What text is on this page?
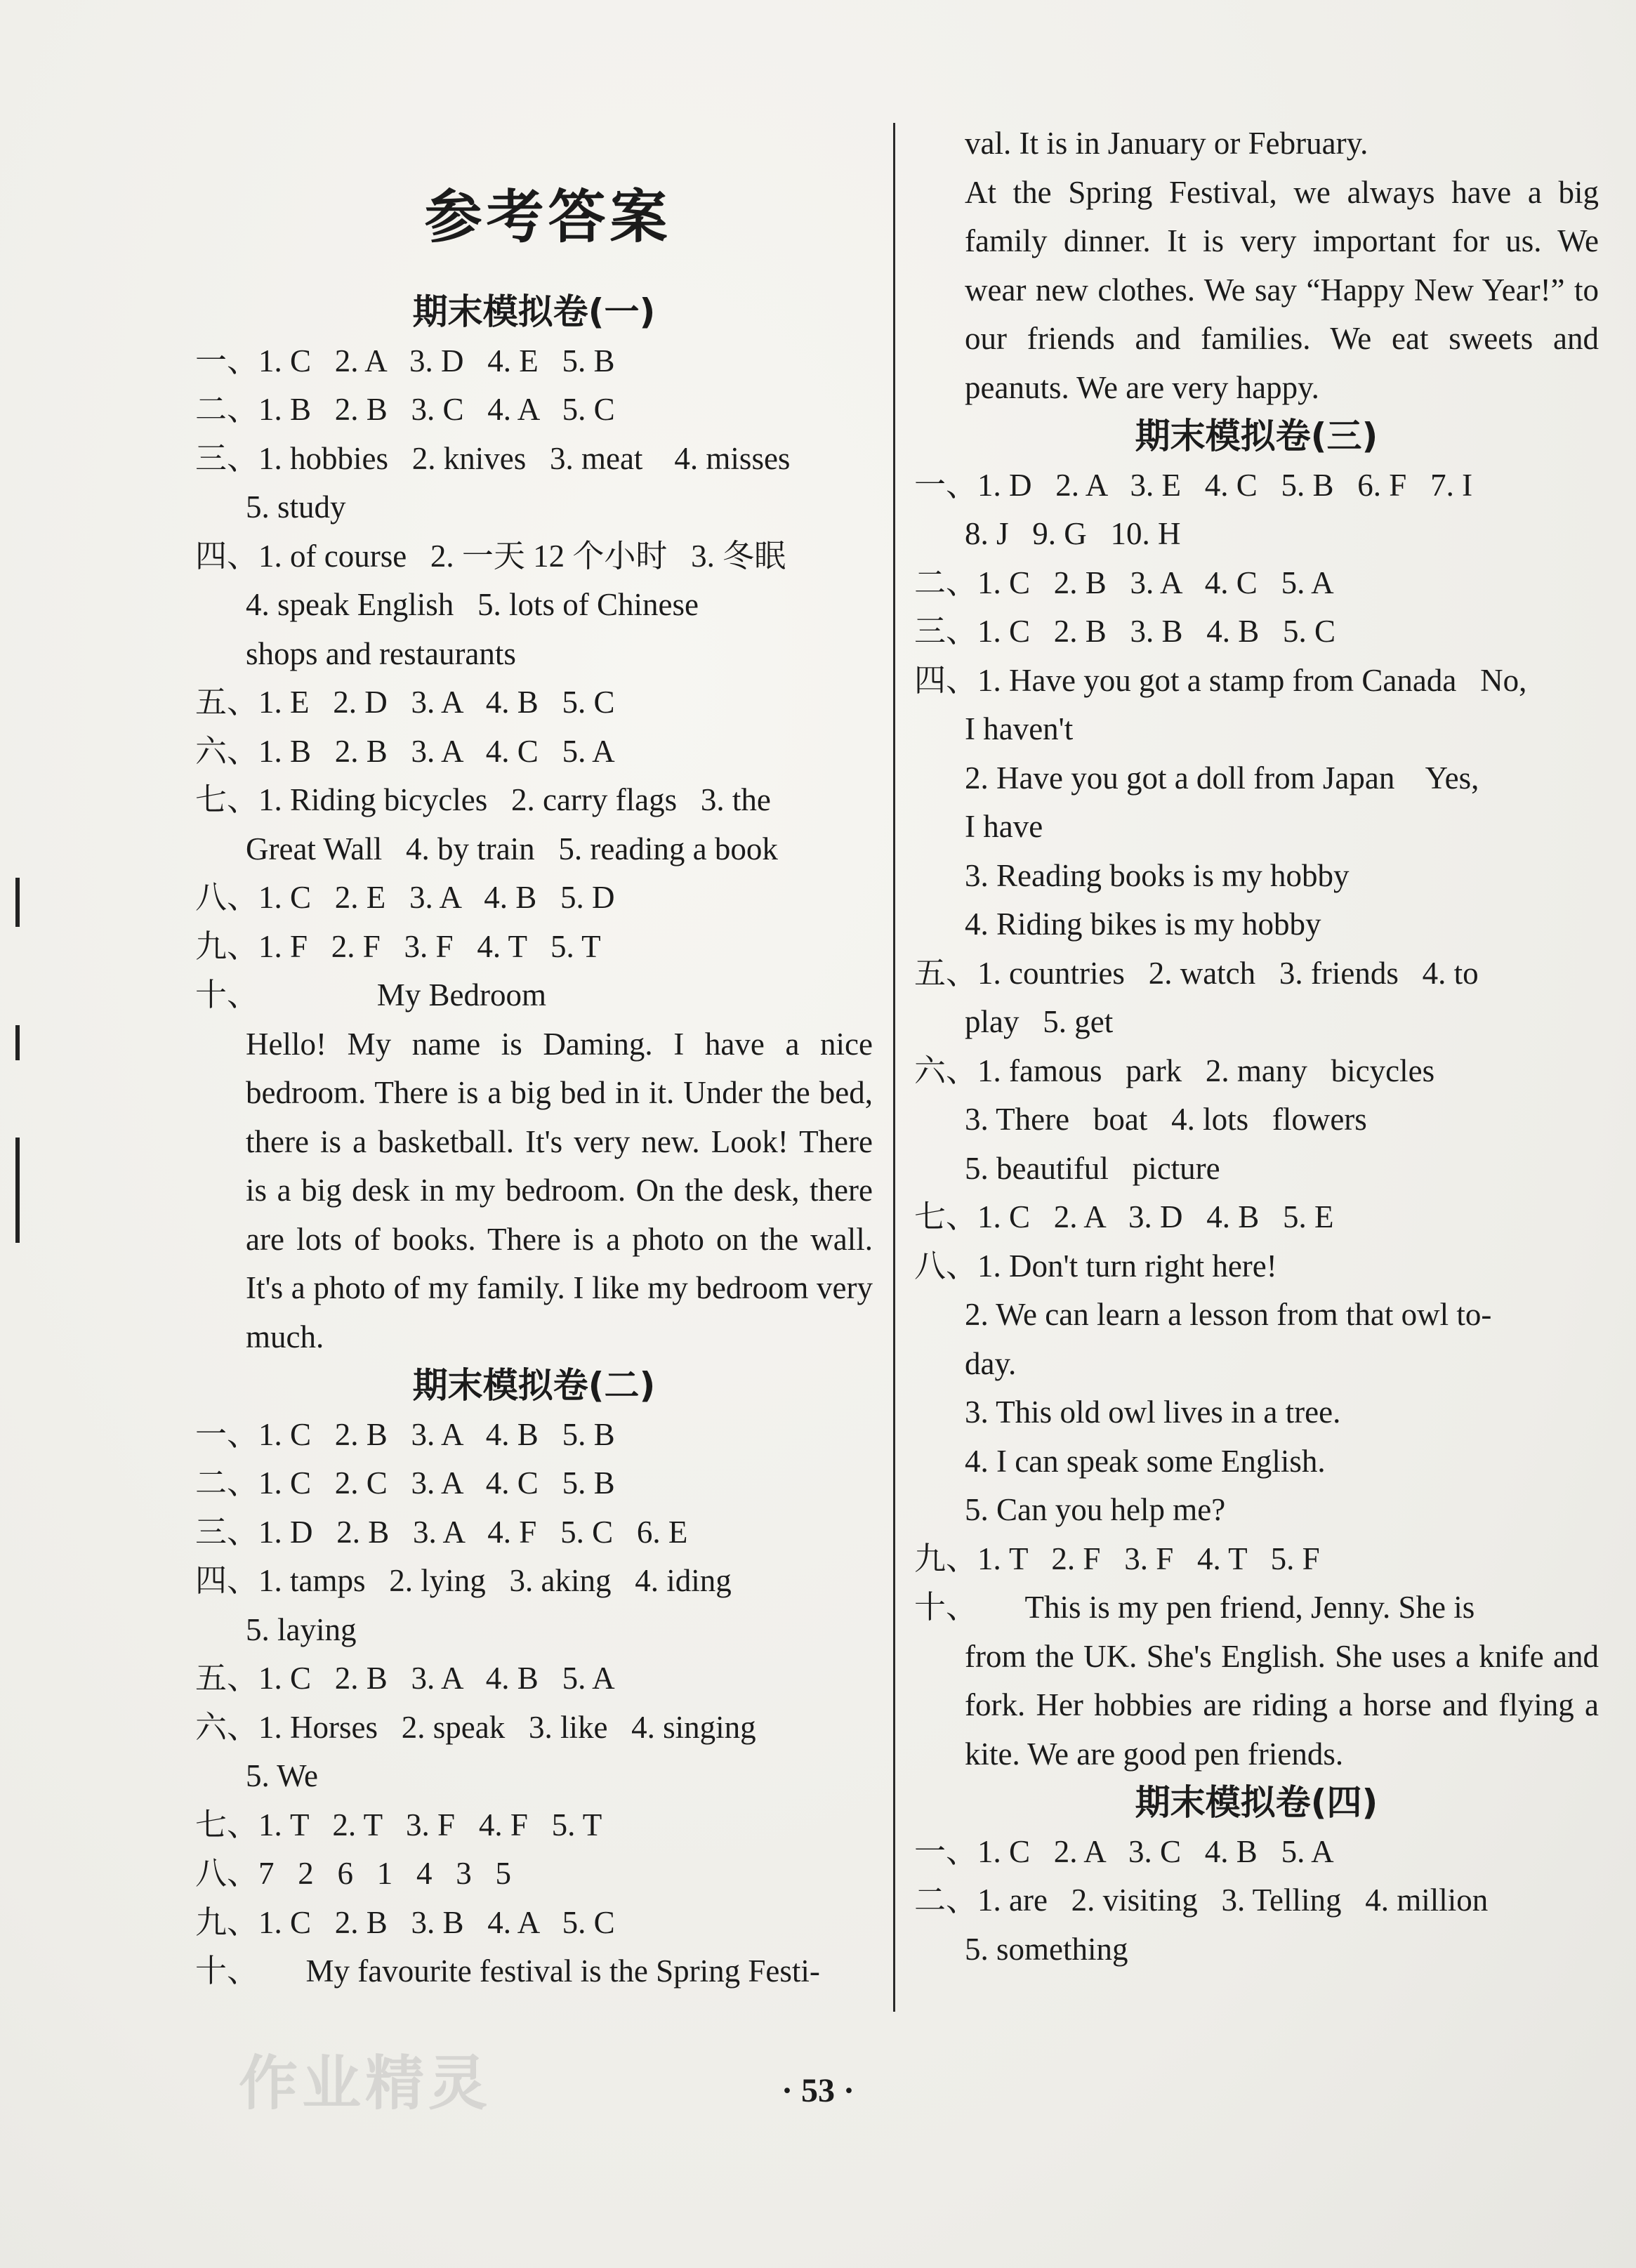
参考答案
期末模拟卷(一)
一、1. C   2. A   3. D   4. E   5. B
二、1. B   2. B   3. C   4. A   5. C
三、1. hobbies   2. knives   3. meat    4. misses
5. study
四、1. of course   2. 一天 12 个小时   3. 冬眠
4. speak English   5. lots of Chinese
shops and restaurants
五、1. E   2. D   3. A   4. B   5. C
六、1. B   2. B   3. A   4. C   5. A
七、1. Riding bicycles   2. carry flags   3. the
Great Wall   4. by train   5. reading a book
八、1. C   2. E   3. A   4. B   5. D
九、1. F   2. F   3. F   4. T   5. T
十、               My Bedroom
Hello! My name is Daming. I have a nice bedroom. There is a big bed in it. Under the bed, there is a basketball. It's very new. Look! There is a big desk in my bedroom. On the desk, there are lots of books. There is a photo on the wall. It's a photo of my family. I like my bedroom very much.
期末模拟卷(二)
一、1. C   2. B   3. A   4. B   5. B
二、1. C   2. C   3. A   4. C   5. B
三、1. D   2. B   3. A   4. F   5. C   6. E
四、1. tamps   2. lying   3. aking   4. iding
5. laying
五、1. C   2. B   3. A   4. B   5. A
六、1. Horses   2. speak   3. like   4. singing
5. We
七、1. T   2. T   3. F   4. F   5. T
八、7   2   6   1   4   3   5
九、1. C   2. B   3. B   4. A   5. C
十、      My favourite festival is the Spring Festi-
val. It is in January or February.
At the Spring Festival, we always have a big family dinner. It is very important for us. We wear new clothes. We say “Happy New Year!” to our friends and families. We eat sweets and peanuts. We are very happy.
期末模拟卷(三)
一、1. D   2. A   3. E   4. C   5. B   6. F   7. I
8. J   9. G   10. H
二、1. C   2. B   3. A   4. C   5. A
三、1. C   2. B   3. B   4. B   5. C
四、1. Have you got a stamp from Canada   No,
I haven't
2. Have you got a doll from Japan    Yes,
I have
3. Reading books is my hobby
4. Riding bikes is my hobby
五、1. countries   2. watch   3. friends   4. to
play   5. get
六、1. famous   park   2. many   bicycles
3. There   boat   4. lots   flowers
5. beautiful   picture
七、1. C   2. A   3. D   4. B   5. E
八、1. Don't turn right here!
2. We can learn a lesson from that owl to-
day.
3. This old owl lives in a tree.
4. I can speak some English.
5. Can you help me?
九、1. T   2. F   3. F   4. T   5. F
十、      This is my pen friend, Jenny. She is
from the UK. She's English. She uses a knife and fork. Her hobbies are riding a horse and flying a kite. We are good pen friends.
期末模拟卷(四)
一、1. C   2. A   3. C   4. B   5. A
二、1. are   2. visiting   3. Telling   4. million
5. something
作业精灵	· 53 ·
